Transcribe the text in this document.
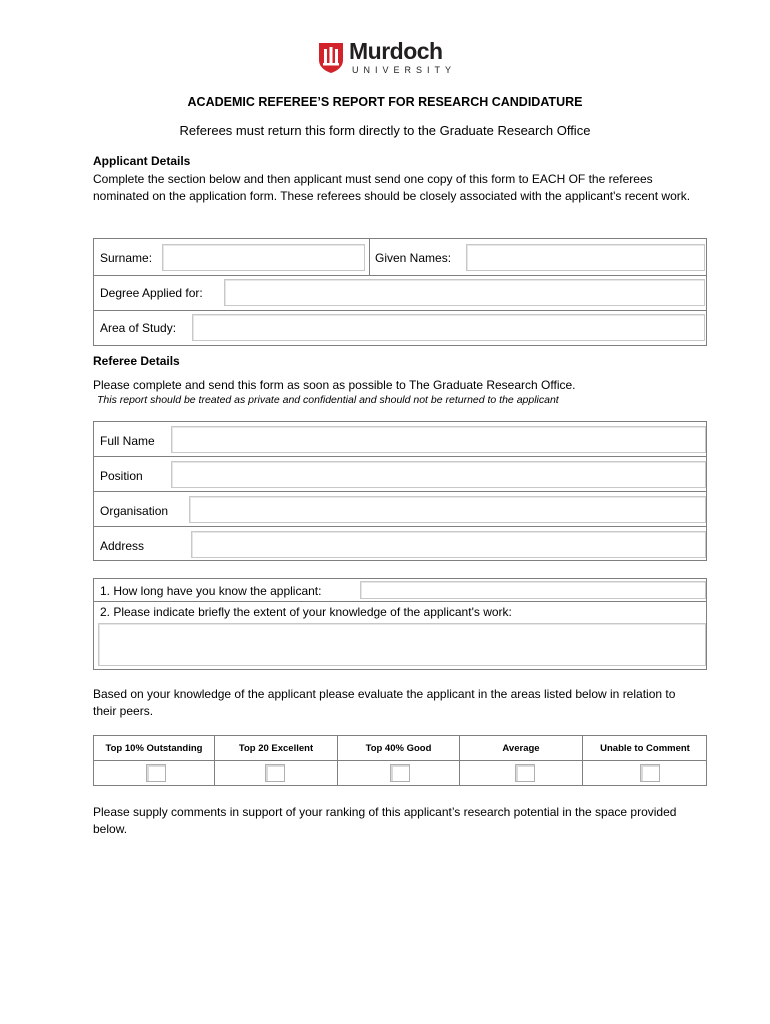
Murdoch
UNIVERSITY
ACADEMIC REFEREE’S REPORT FOR RESEARCH CANDIDATURE
Referees must return this form directly to the Graduate Research Office
Applicant Details
Complete the section below and then applicant must send one copy of this form to EACH OF the referees nominated on the application form. These referees should be closely associated with the applicant's recent work.
Surname:	Given Names:
Degree Applied for:
Area of Study:
Referee Details
Please complete and send this form as soon as possible to The Graduate Research Office.
This report should be treated as private and confidential and should not be returned to the applicant
Full Name
Position
Organisation
Address
1. How long have you know the applicant:
2. Please indicate briefly the extent of your knowledge of the applicant's work:
Based on your knowledge of the applicant please evaluate the applicant in the areas listed below in relation to their peers.
Top 10% Outstanding	Top 20 Excellent	Top 40% Good	Average	Unable to Comment
Please supply comments in support of your ranking of this applicant’s research potential in the space provided below.
